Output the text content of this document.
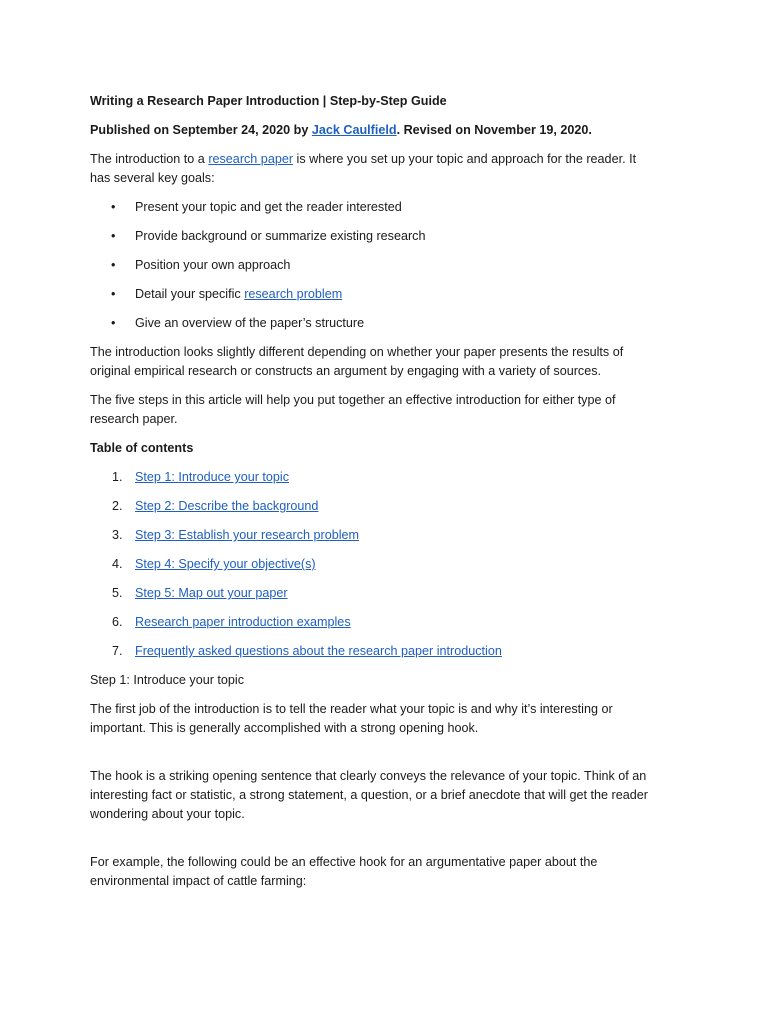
Writing a Research Paper Introduction | Step-by-Step Guide

Published on September 24, 2020 by Jack Caulfield. Revised on November 19, 2020.

The introduction to a research paper is where you set up your topic and approach for the reader. It has several key goals:

• Present your topic and get the reader interested
• Provide background or summarize existing research
• Position your own approach
• Detail your specific research problem
• Give an overview of the paper’s structure

The introduction looks slightly different depending on whether your paper presents the results of original empirical research or constructs an argument by engaging with a variety of sources.

The five steps in this article will help you put together an effective introduction for either type of research paper.

Table of contents

1. Step 1: Introduce your topic
2. Step 2: Describe the background
3. Step 3: Establish your research problem
4. Step 4: Specify your objective(s)
5. Step 5: Map out your paper
6. Research paper introduction examples
7. Frequently asked questions about the research paper introduction

Step 1: Introduce your topic

The first job of the introduction is to tell the reader what your topic is and why it’s interesting or important. This is generally accomplished with a strong opening hook.

The hook is a striking opening sentence that clearly conveys the relevance of your topic. Think of an interesting fact or statistic, a strong statement, a question, or a brief anecdote that will get the reader wondering about your topic.

For example, the following could be an effective hook for an argumentative paper about the environmental impact of cattle farming:
